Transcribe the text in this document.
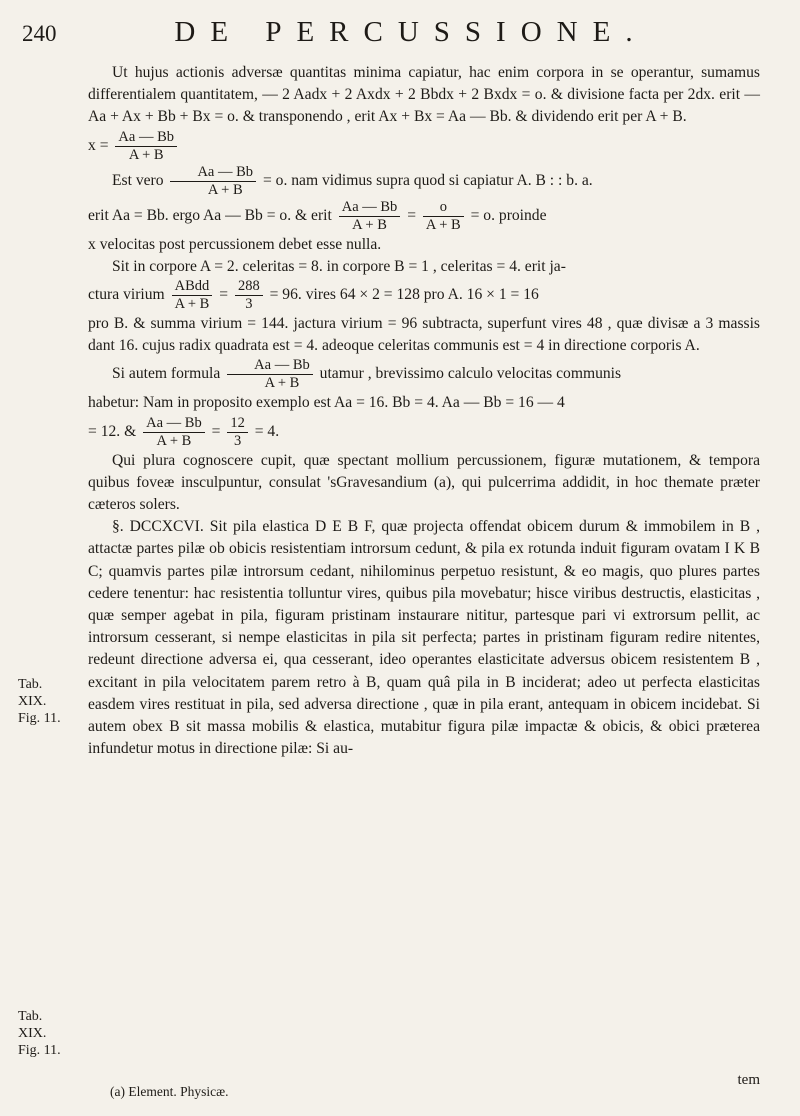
240	DE PERCUSSIONE.
Tab.
XIX.
Fig. 11.
Tab.
XIX.
Fig. 11.

Ut hujus actionis adversæ quantitas minima capiatur, hac enim corpora in se operantur, sumamus differentialem quantitatem, — 2 Aadx + 2 Axdx + 2 Bbdx + 2 Bxdx = o. & divisione facta per 2dx. erit — Aa + Ax + Bb + Bx = o. & transponendo , erit Ax + Bx = Aa — Bb. & dividendo erit per A + B.

$x = \frac{Aa — Bb}{A + B}$
Est vero $\frac{Aa — Bb}{A + B} = o$. nam vidimus supra quod si capiatur A. B : : b. a.
erit Aa = Bb. ergo Aa — Bb = o. & erit $\frac{Aa — Bb}{A + B} = \frac{o}{A + B} = o$. proinde

x velocitas post percussionem debet esse nulla.

Sit in corpore A = 2. celeritas = 8. in corpore B = 1 , celeritas = 4. erit ja-

ctura virium $\frac{\text{ABdd}}{A + B} = \frac{288}{3} = 96$. vires 64 × 2 = 128 pro A. 16 × 1 = 16

pro B. & summa virium = 144. jactura virium = 96 subtracta, superfunt vires 48 , quæ divisæ a 3 massis dant 16. cujus radix quadrata est = 4. adeoque celeritas communis est = 4 in directione corporis A.

Si autem formula $\frac{Aa — Bb}{A + B}$ utamur , brevissimo calculo velocitas communis

habetur: Nam in proposito exemplo est Aa = 16. Bb = 4. Aa — Bb = 16 — 4

= 12. & $\frac{Aa — Bb}{A + B} = \frac{12}{3} = 4$.

Qui plura cognoscere cupit, quæ spectant mollium percussionem, figuræ mutationem, & tempora quibus foveæ insculpuntur, consulat 'sGravesandium (a), qui pulcerrima addidit, in hoc themate præter cæteros solers.

§. DCCXCVI. Sit pila elastica D E B F, quæ projecta offendat obicem durum & immobilem in B , attactæ partes pilæ ob obicis resistentiam introrsum cedunt, & pila ex rotunda induit figuram ovatam I K B C; quamvis partes pilæ introrsum cedant, nihilominus perpetuo resistunt, & eo magis, quo plures partes cedere tenentur: hac resistentia tolluntur vires, quibus pila movebatur; hisce viribus destructis, elasticitas , quæ semper agebat in pila, figuram pristinam instaurare nititur, partesque pari vi extrorsum pellit, ac introrsum cesserant, si nempe elasticitas in pila sit perfecta; partes in pristinam figuram redire nitentes, redeunt directione adversa ei, qua cesserant, ideo operantes elasticitate adversus obicem resistentem B , excitant in pila velocitatem parem retro à B, quam quâ pila in B inciderat; adeo ut perfecta elasticitas easdem vires restituat in pila, sed adversa directione , quæ in pila erant, antequam in obicem incidebat. Si autem obex B sit massa mobilis & elastica, mutabitur figura pilæ impactæ & obicis, & obici præterea infundetur motus in directione pilæ: Si au-

tem
(a) Element. Physicæ.
